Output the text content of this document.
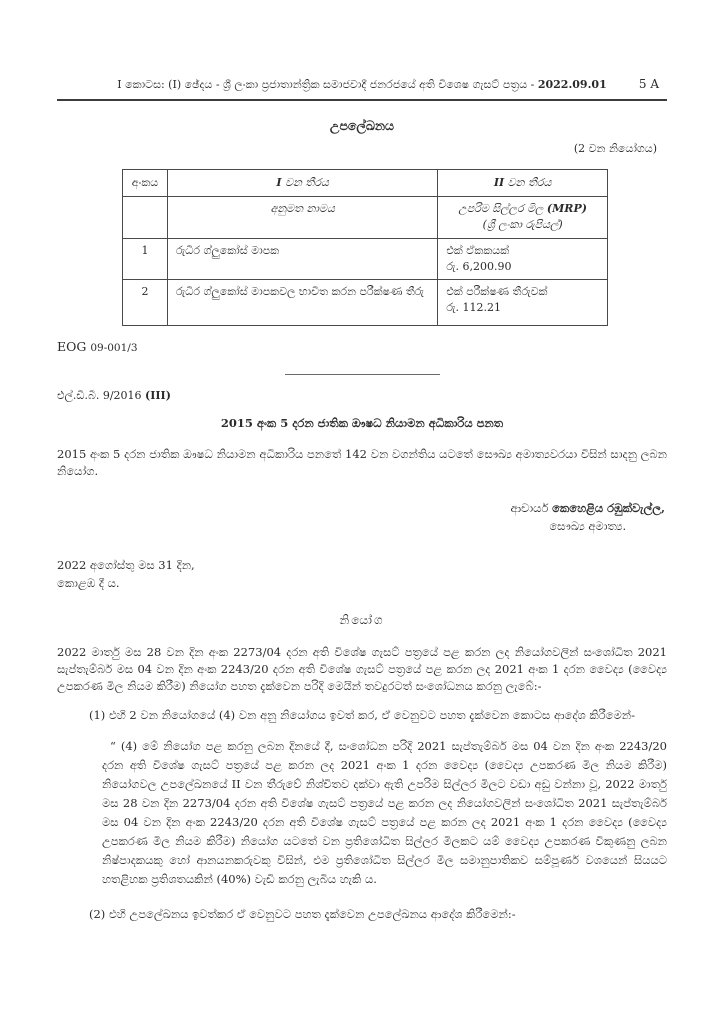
I කොටස: (I) ඡේදය - ශ්‍රී ලංකා ප්‍රජාතාන්ත්‍රික සමාජවාදී ජනරජයේ අති විශෙෂ ගැසට් පත්‍රය - 2022.09.01	5 A
උපලේඛනය
(2 වන නියෝගය)
අංකය	I වන තීරය	II වන තීරය
	අනුමත නාමය	උපරිම සිල්ලර මිල (MRP)
(ශ්‍රී ලංකා රුපියල්)

1	රුධිර ග්ලුකෝස් මාපක	එක් ඒකකයක්
රු. 6,200.90

2	රුධිර ග්ලුකෝස් මාපකවල භාවිත කරන පරීක්ෂණ තීරු	එක් පරීක්ෂණ තීරුවක්
රු. 112.21
EOG 09-001/3
එල්.ඩී.බී. 9/2016 (III)
2015 අංක 5 දරන ජාතික ඖෂධ නියාමන අධිකාරිය පනත

2015 අංක 5 දරන ජාතික ඖෂධ නියාමන අධිකාරිය පනතේ 142 වන වගන්තිය යටතේ සෞඛ්‍ය අමාත්‍යවරයා විසින් සාදනු ලබන නියෝග.

ආචාර්ය කෙහෙළිය රඹුක්වැල්ල,
සෞඛ්‍ය අමාත්‍ය.
2022 අගෝස්තු මස 31 දින,
කොළඹ දී ය.
නියෝග

2022 මාර්තු මස 28 වන දින අංක 2273/04 දරන අති විශේෂ ගැසට් පත්‍රයේ පළ කරන ලද නියෝගවලින් සංශෝධිත 2021 සැප්තැම්බර් මස 04 වන දින අංක 2243/20 දරන අති විශේෂ ගැසට් පත්‍රයේ පළ කරන ලද 2021 අංක 1 දරන වෛද්‍ය (වෛද්‍ය උපකරණ මිල නියම කිරීම) නියෝග පහත දැක්වෙන පරිදි මෙයින් තවදුරටත් සංශෝධනය කරනු ලැබේ:-

(1) එහි 2 වන නියෝගයේ (4) වන අනු නියෝගය ඉවත් කර, ඒ වෙනුවට පහත දැක්වෙන කොටස ආදේශ කිරීමෙන්-

“ (4) මේ නියෝග පළ කරනු ලබන දිනයේ දී, සංශෝධන පරිදි 2021 සැප්තැම්බර් මස 04 වන දින අංක 2243/20 දරන අති විශේෂ ගැසට් පත්‍රයේ පළ කරන ලද 2021 අංක 1 දරන වෛද්‍ය (වෛද්‍ය උපකරණ මිල නියම කිරීම) නියෝගවල උපලේඛනයේ II වන තීරුවේ නිශ්චිතව දක්වා ඇති උපරිම සිල්ලර මිලට වඩා අඩු වන්නා වූ, 2022 මාර්තු මස 28 වන දින 2273/04 දරන අති විශේෂ ගැසට් පත්‍රයේ පළ කරන ලද නියෝගවලින් සංශෝධිත 2021 සැප්තැම්බර් මස 04 වන දින අංක 2243/20 දරන අති විශේෂ ගැසට් පත්‍රයේ පළ කරන ලද 2021 අංක 1 දරන වෛද්‍ය (වෛද්‍ය උපකරණ මිල නියම කිරීම) නියෝග යටතේ වන ප්‍රතිශෝධිත සිල්ලර මිලකට යම් වෛද්‍ය උපකරණ විකුණනු ලබන නිෂ්පාදකයකු හෝ ආනයනකරුවකු විසින්, එම ප්‍රතිශෝධිත සිල්ලර මිල සමානුපාතිකව සම්පූර්ණ වශයෙන් සියයට හතළිහක ප්‍රතිශතයකින් (40%) වැඩි කරනු ලැබිය හැකි ය.

(2) එහි උපලේඛනය ඉවත්කර ඒ වෙනුවට පහත දැක්වෙන උපලේඛනය ආදේශ කිරීමෙන්:-
